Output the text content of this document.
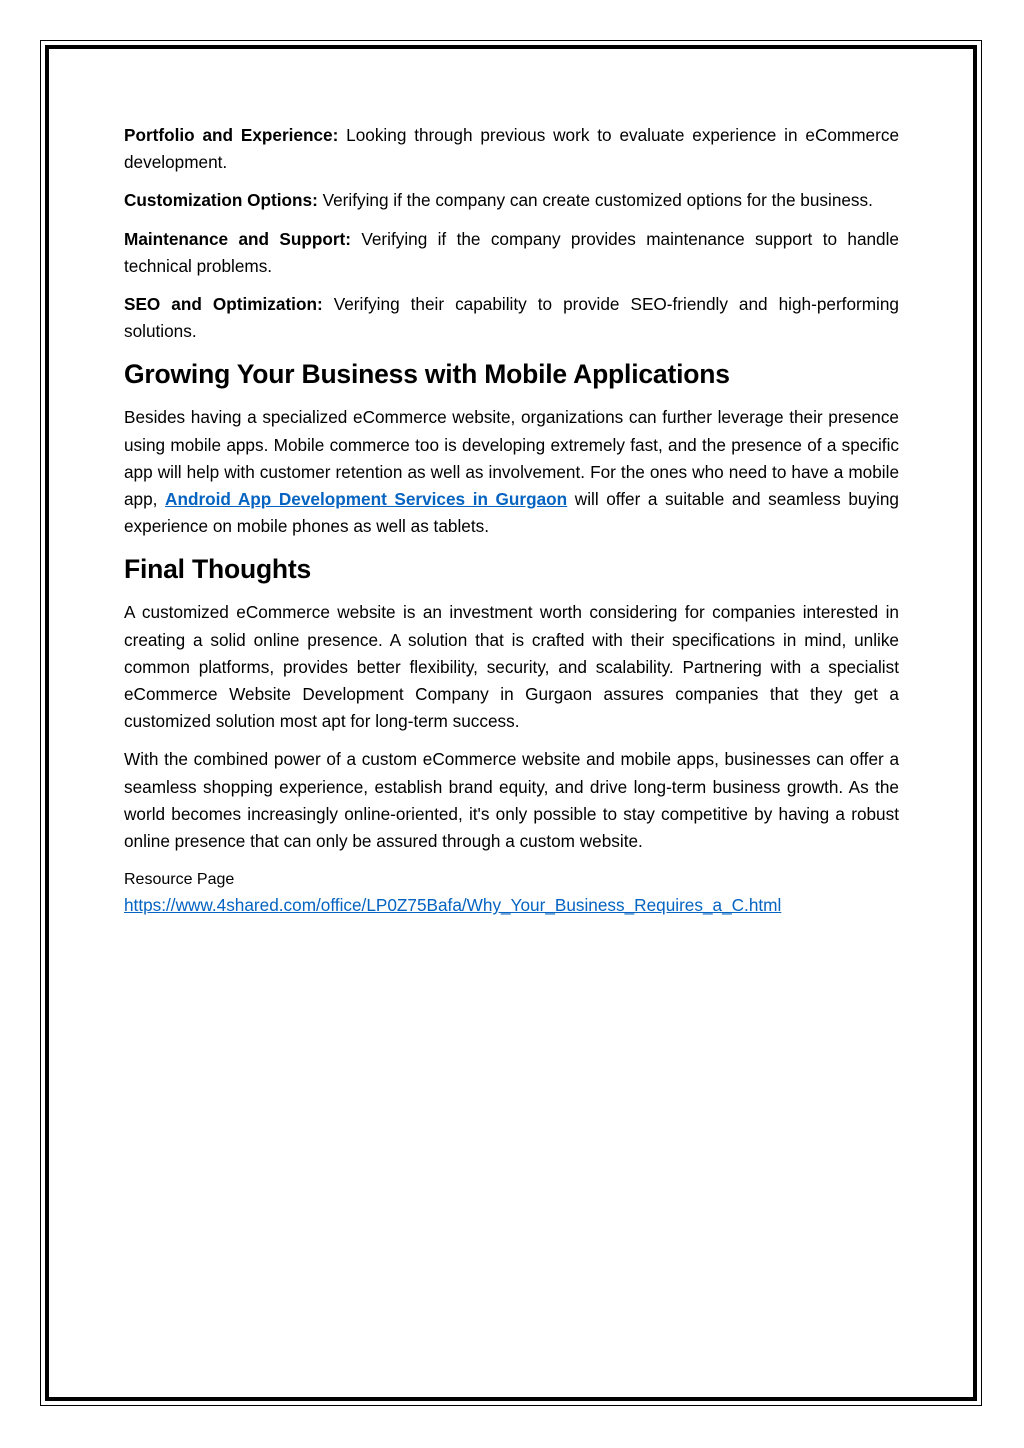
Portfolio and Experience: Looking through previous work to evaluate experience in eCommerce development.

Customization Options: Verifying if the company can create customized options for the business.

Maintenance and Support: Verifying if the company provides maintenance support to handle technical problems.

SEO and Optimization: Verifying their capability to provide SEO-friendly and high-performing solutions.

Growing Your Business with Mobile Applications

Besides having a specialized eCommerce website, organizations can further leverage their presence using mobile apps. Mobile commerce too is developing extremely fast, and the presence of a specific app will help with customer retention as well as involvement. For the ones who need to have a mobile app, Android App Development Services in Gurgaon will offer a suitable and seamless buying experience on mobile phones as well as tablets.

Final Thoughts

A customized eCommerce website is an investment worth considering for companies interested in creating a solid online presence. A solution that is crafted with their specifications in mind, unlike common platforms, provides better flexibility, security, and scalability. Partnering with a specialist eCommerce Website Development Company in Gurgaon assures companies that they get a customized solution most apt for long-term success.

With the combined power of a custom eCommerce website and mobile apps, businesses can offer a seamless shopping experience, establish brand equity, and drive long-term business growth. As the world becomes increasingly online-oriented, it's only possible to stay competitive by having a robust online presence that can only be assured through a custom website.

Resource Page
https://www.4shared.com/office/LP0Z75Bafa/Why_Your_Business_Requires_a_C.html
